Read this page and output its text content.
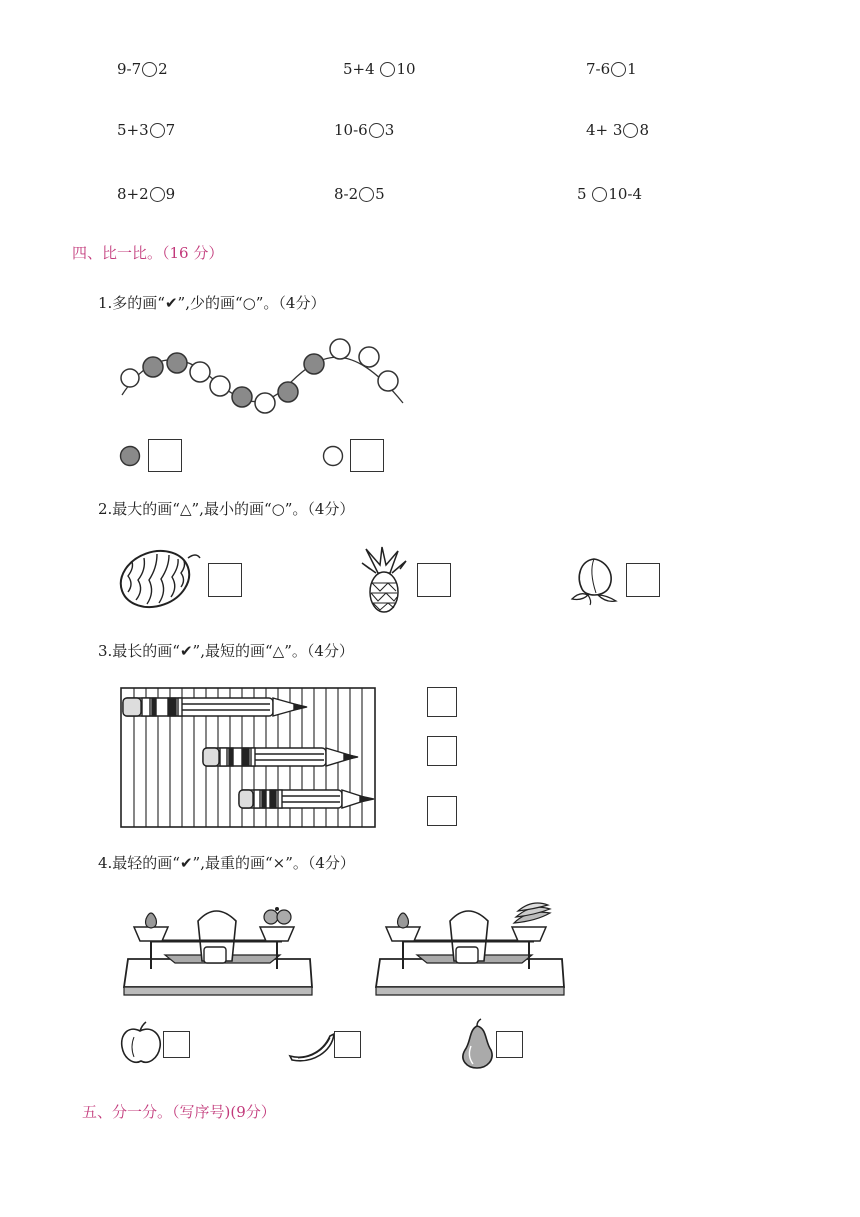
9-7 2	5+4 10	7-6 1
5+3 7	10-6 3	4+ 3 8
8+2 9	8-2 5	5 10-4
四、比一比。（16 分）
1.多的画“✔”,少的画“○”。（4分）
2.最大的画“△”,最小的画“○”。（4分）
3.最长的画“✔”,最短的画“△”。（4分）
4.最轻的画“✔”,最重的画“×”。（4分）
五、分一分。（写序号)(9分）
